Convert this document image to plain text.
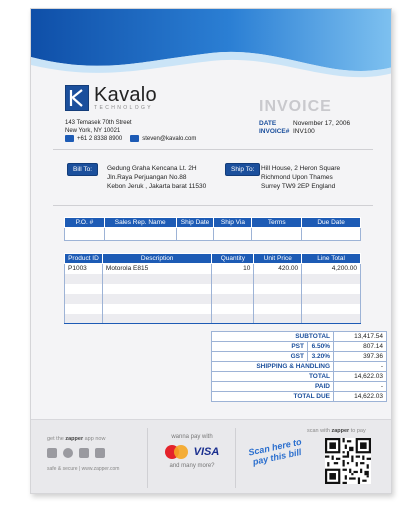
Kavalo
TECHNOLOGY
143 Temasek 70th Street
New York, NY 10021
+61 2 8338 8900	steven@kavalo.com
INVOICE
DATE	November 17, 2006
INVOICE# INV100
Bill To:	Gedung Graha Kencana Lt. 2H
Jln.Raya Perjuangan No.88
Kebon Jeruk , Jakarta barat 11530
Ship To:	Hill House, 2 Heron Square
Richmond Upon Thames
Surrey TW9 2EP England
P.O. #	Sales Rep. Name	Ship Date	Ship Via	Terms	Due Date

Product ID	Description	Quantity	Unit Price	Line Total
P1003	Motorola E815	10	420.00	4,200.00

SUBTOTAL		13,417.54
PST	6.50%	807.14
GST	3.20%	397.36
SHIPPING & HANDLING		-
TOTAL		14,622.03
PAID		-
TOTAL DUE		14,622.03
get the zapper app now
safe & secure | www.zapper.com
wanna pay with
VISA
and many more?
Scan here to pay this bill
scan with zapper to pay
